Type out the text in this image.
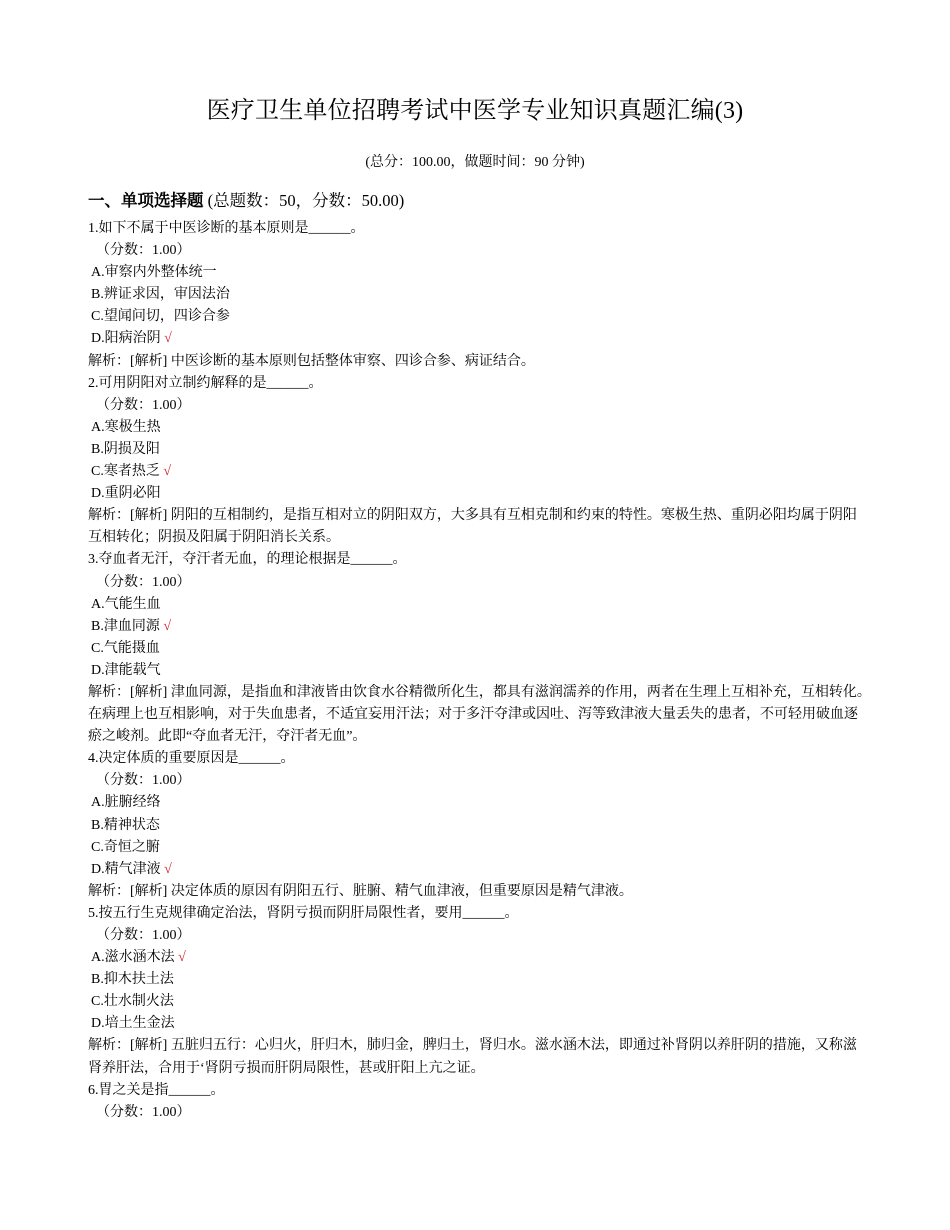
医疗卫生单位招聘考试中医学专业知识真题汇编(3)
(总分：100.00，做题时间：90 分钟)
一、单项选择题 (总题数：50，分数：50.00)
1.如下不属于中医诊断的基本原则是______。
（分数：1.00）
A.审察内外整体统一
B.辨证求因，审因法治
C.望闻问切，四诊合参
D.阳病治阴 √
解析：[解析] 中医诊断的基本原则包括整体审察、四诊合参、病证结合。
2.可用阴阳对立制约解释的是______。
（分数：1.00）
A.寒极生热
B.阴损及阳
C.寒者热乏 √
D.重阴必阳
解析：[解析] 阴阳的互相制约，是指互相对立的阴阳双方，大多具有互相克制和约束的特性。寒极生热、重阴必阳均属于阴阳
互相转化；阴损及阳属于阴阳消长关系。
3.夺血者无汗，夺汗者无血，的理论根据是______。
（分数：1.00）
A.气能生血
B.津血同源 √
C.气能摄血
D.津能载气
解析：[解析] 津血同源，是指血和津液皆由饮食水谷精微所化生，都具有滋润濡养的作用，两者在生理上互相补充，互相转化。
在病理上也互相影响，对于失血患者，不适宜妄用汗法；对于多汗夺津或因吐、泻等致津液大量丢失的患者，不可轻用破血逐
瘀之峻剂。此即“夺血者无汗，夺汗者无血”。
4.决定体质的重要原因是______。
（分数：1.00）
A.脏腑经络
B.精神状态
C.奇恒之腑
D.精气津液 √
解析：[解析] 决定体质的原因有阴阳五行、脏腑、精气血津液，但重要原因是精气津液。
5.按五行生克规律确定治法，肾阴亏损而阴肝局限性者，要用______。
（分数：1.00）
A.滋水涵木法 √
B.抑木扶土法
C.壮水制火法
D.培土生金法
解析：[解析] 五脏归五行：心归火，肝归木，肺归金，脾归土，肾归水。滋水涵木法，即通过补肾阴以养肝阴的措施，又称滋
肾养肝法，合用于‘肾阴亏损而肝阴局限性，甚或肝阳上亢之证。
6.胃之关是指______。
（分数：1.00）
